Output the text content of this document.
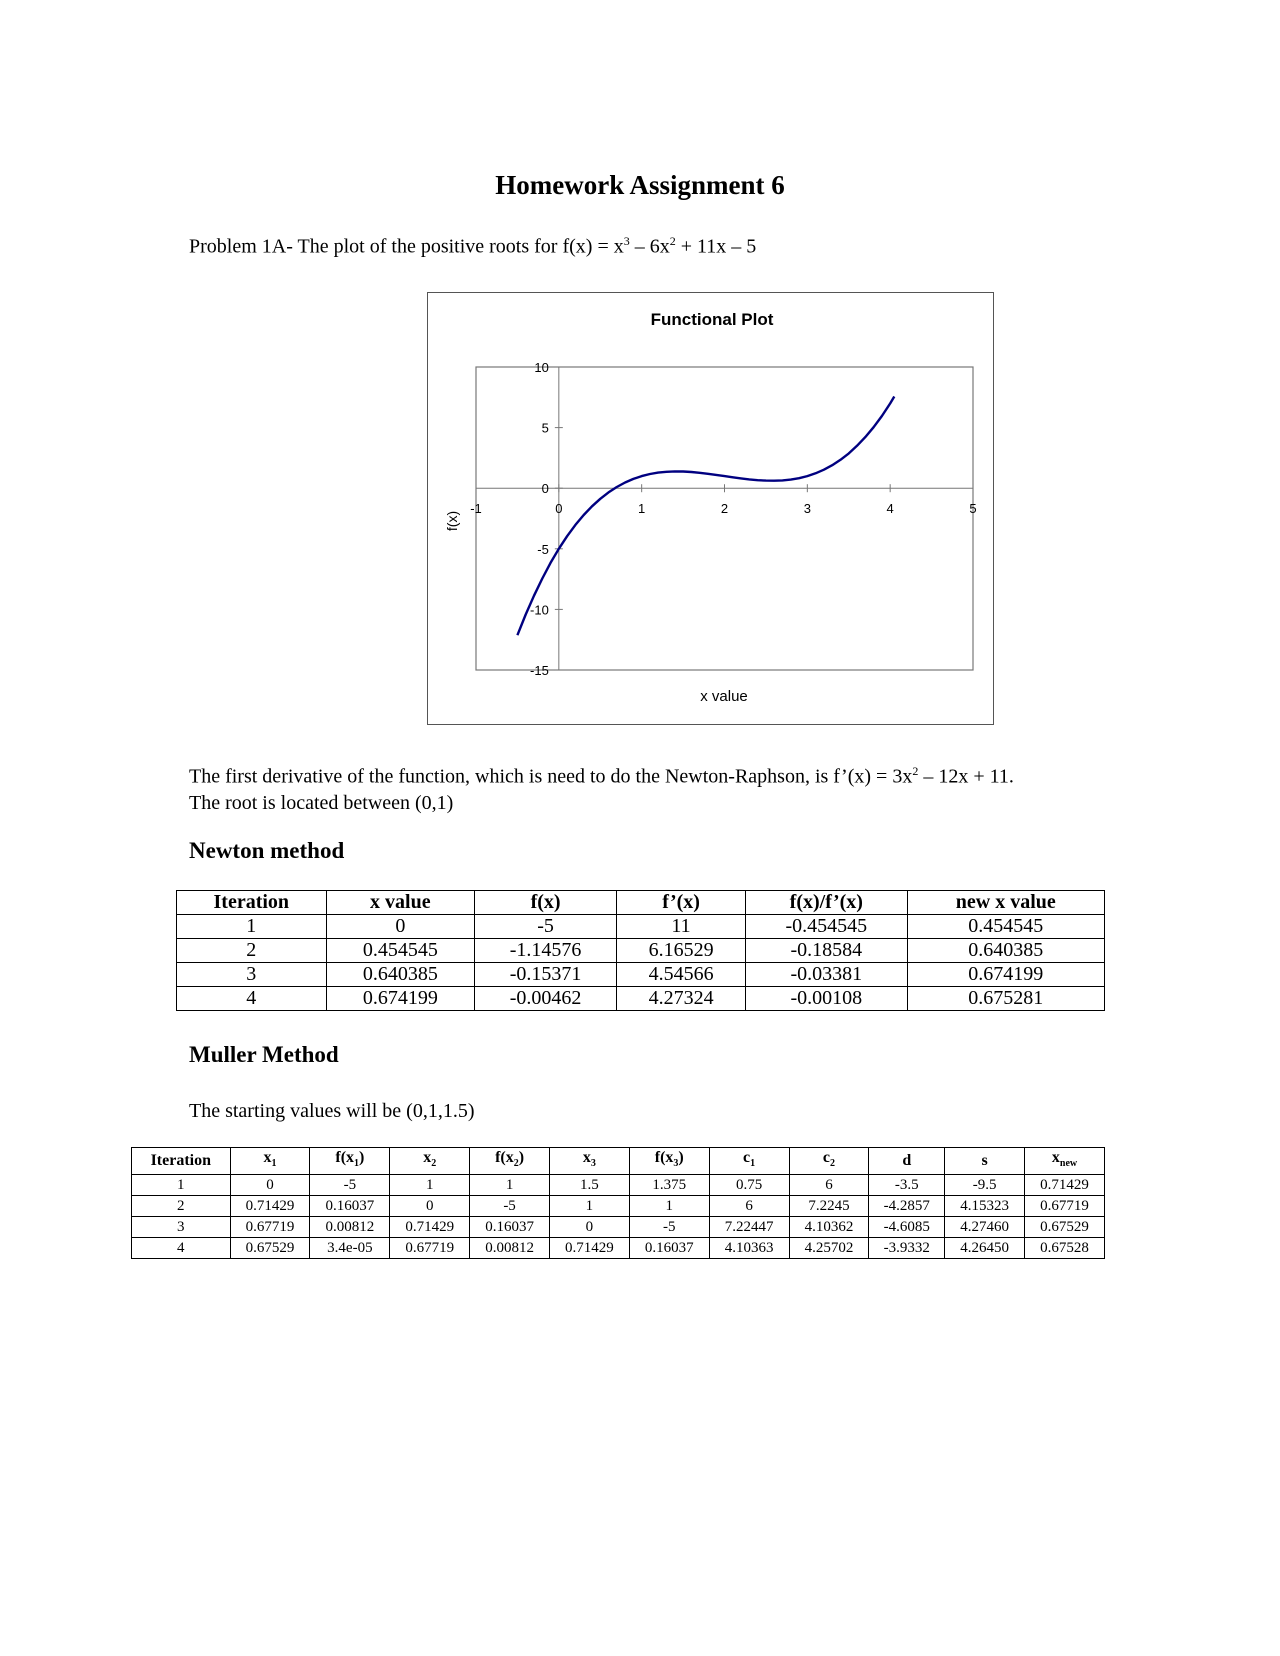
Homework Assignment 6
Problem 1A- The plot of the positive roots for $f(x) = x^3 - 6x^2 + 11x - 5$
Functional Plot
-1	0	1	2	3	4	5
10
5
0
-5
-10
-15
x value
f(x)
The first derivative of the function, which is need to do the Newton-Raphson, is f’(x) = $3x^2 - 12x + 11$.
The root is located between (0,1)
Newton method
Iteration	x value	f(x)	f’(x)	f(x)/f’(x)	new x value
1	0	-5	11	-0.454545	0.454545
2	0.454545	-1.14576	6.16529	-0.18584	0.640385
3	0.640385	-0.15371	4.54566	-0.03381	0.674199
4	0.674199	-0.00462	4.27324	-0.00108	0.675281
Muller Method
The starting values will be (0,1,1.5)
Iteration	$x_1$	$f(x_1)$	$x_2$	$f(x_2)$	$x_3$	$f(x_3)$	$c_1$	$c_2$	d	s	$x_{new}$
1	0	-5	1	1	1.5	1.375	0.75	6	-3.5	-9.5	0.71429
2	0.71429	0.16037	0	-5	1	1	6	7.2245	-4.2857	4.15323	0.67719
3	0.67719	0.00812	0.71429	0.16037	0	-5	7.22447	4.10362	-4.6085	4.27460	0.67529
4	0.67529	3.4e-05	0.67719	0.00812	0.71429	0.16037	4.10363	4.25702	-3.9332	4.26450	0.67528
